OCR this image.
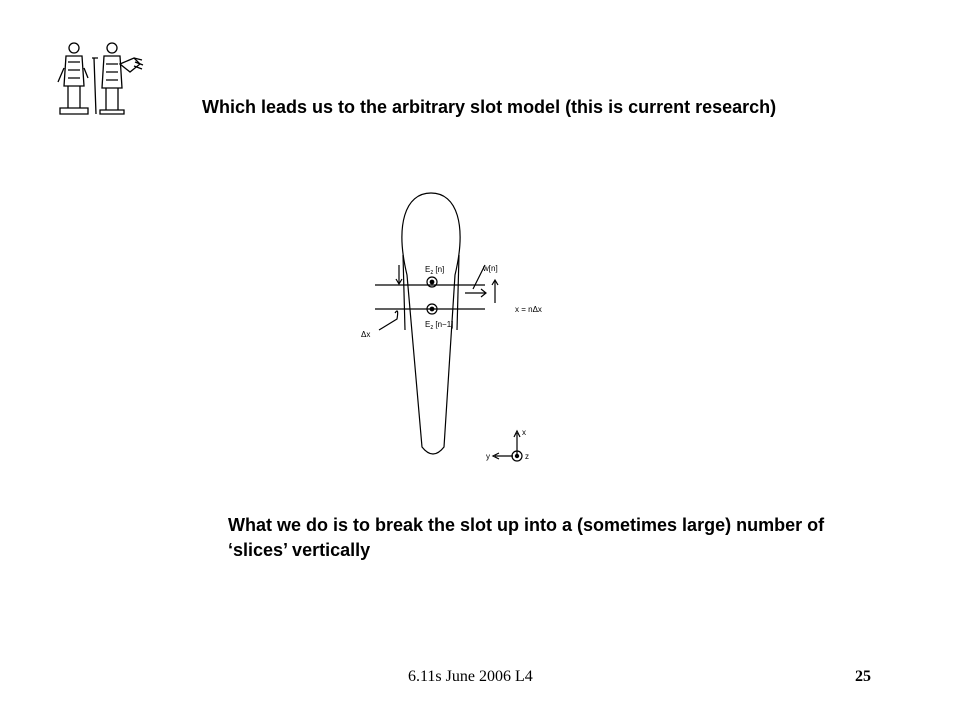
Which leads us to the arbitrary slot model (this is current research)

$E_z$ [n]
$E_z$ [n−1]
w[n]
x = nΔx
Δx
x
y	z

What we do is to break the slot up into a (sometimes large) number of ‘slices’ vertically

6.11s June 2006 L4	25
